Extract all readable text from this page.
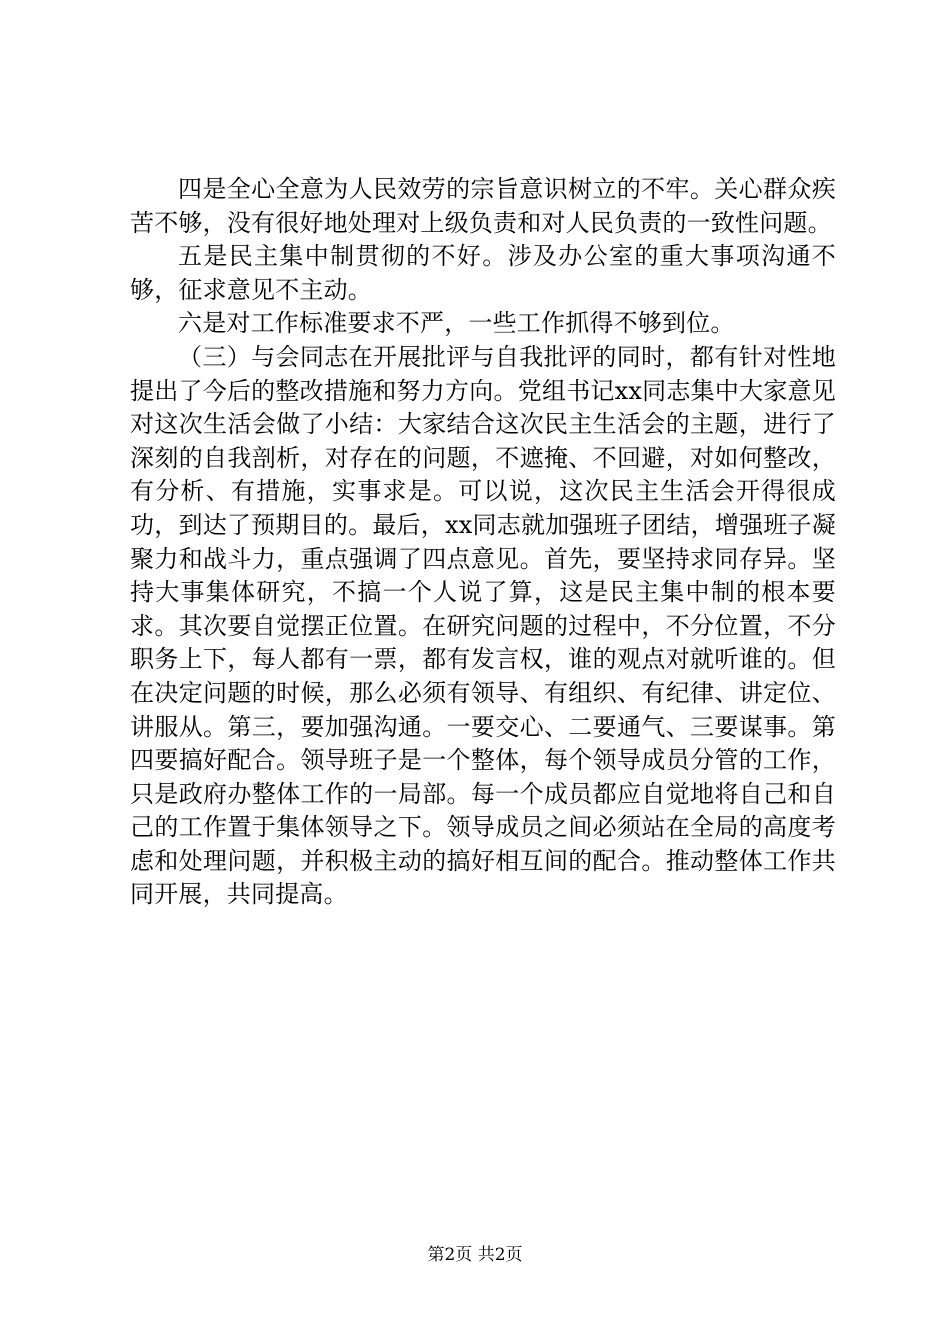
四是全心全意为人民效劳的宗旨意识树立的不牢。关心群众疾苦不够，没有很好地处理对上级负责和对人民负责的一致性问题。

五是民主集中制贯彻的不好。涉及办公室的重大事项沟通不够，征求意见不主动。

六是对工作标准要求不严，一些工作抓得不够到位。

（三）与会同志在开展批评与自我批评的同时，都有针对性地提出了今后的整改措施和努力方向。党组书记xx同志集中大家意见对这次生活会做了小结：大家结合这次民主生活会的主题，进行了深刻的自我剖析，对存在的问题，不遮掩、不回避，对如何整改，有分析、有措施，实事求是。可以说，这次民主生活会开得很成功，到达了预期目的。最后，xx同志就加强班子团结，增强班子凝聚力和战斗力，重点强调了四点意见。首先，要坚持求同存异。坚持大事集体研究，不搞一个人说了算，这是民主集中制的根本要求。其次要自觉摆正位置。在研究问题的过程中，不分位置，不分职务上下，每人都有一票，都有发言权，谁的观点对就听谁的。但在决定问题的时候，那么必须有领导、有组织、有纪律、讲定位、讲服从。第三，要加强沟通。一要交心、二要通气、三要谋事。第四要搞好配合。领导班子是一个整体，每个领导成员分管的工作，只是政府办整体工作的一局部。每一个成员都应自觉地将自己和自己的工作置于集体领导之下。领导成员之间必须站在全局的高度考虑和处理问题，并积极主动的搞好相互间的配合。推动整体工作共同开展，共同提高。

第2页 共2页
